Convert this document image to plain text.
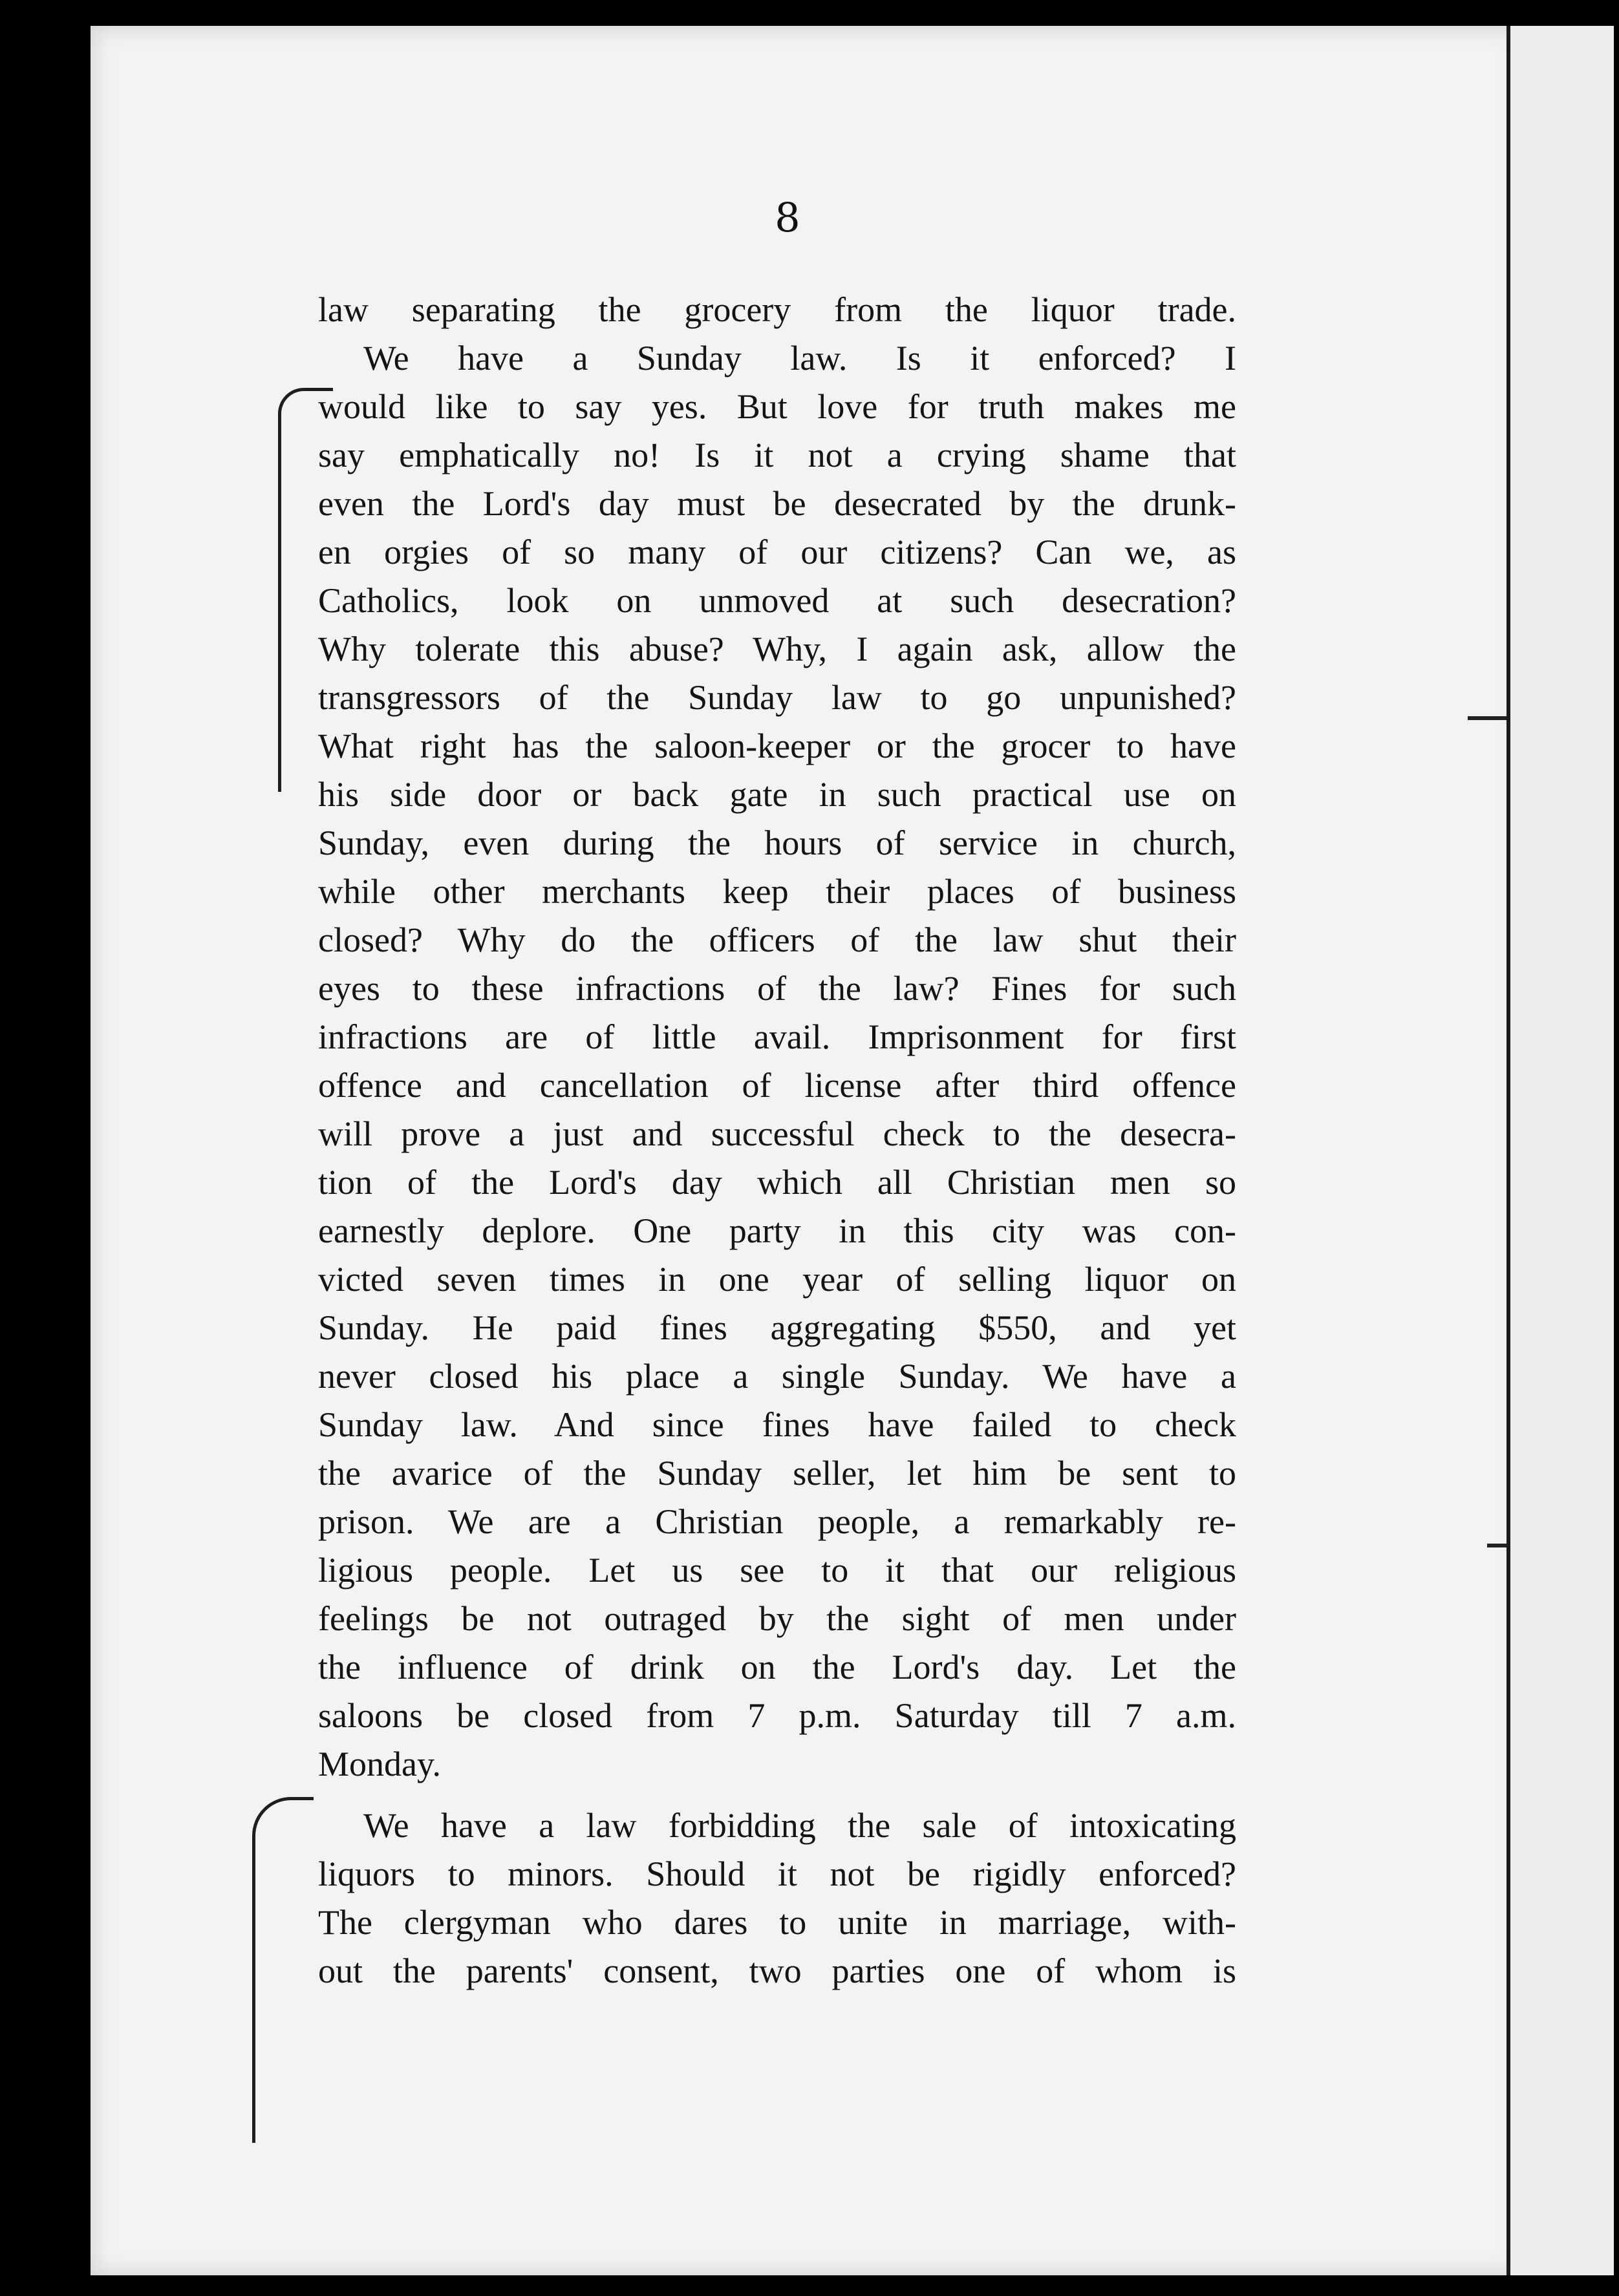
8
law separating the grocery from the liquor trade.
We have a Sunday law. Is it enforced? I
would like to say yes. But love for truth makes me
say emphatically no! Is it not a crying shame that
even the Lord's day must be desecrated by the drunk-
en orgies of so many of our citizens? Can we, as
Catholics, look on unmoved at such desecration?
Why tolerate this abuse? Why, I again ask, allow the
transgressors of the Sunday law to go unpunished?
What right has the saloon-keeper or the grocer to have
his side door or back gate in such practical use on
Sunday, even during the hours of service in church,
while other merchants keep their places of business
closed? Why do the officers of the law shut their
eyes to these infractions of the law? Fines for such
infractions are of little avail. Imprisonment for first
offence and cancellation of license after third offence
will prove a just and successful check to the desecra-
tion of the Lord's day which all Christian men so
earnestly deplore. One party in this city was con-
victed seven times in one year of selling liquor on
Sunday. He paid fines aggregating $550, and yet
never closed his place a single Sunday. We have a
Sunday law. And since fines have failed to check
the avarice of the Sunday seller, let him be sent to
prison. We are a Christian people, a remarkably re-
ligious people. Let us see to it that our religious
feelings be not outraged by the sight of men under
the influence of drink on the Lord's day. Let the
saloons be closed from 7 p.m. Saturday till 7 a.m.
Monday.
We have a law forbidding the sale of intoxicating
liquors to minors. Should it not be rigidly enforced?
The clergyman who dares to unite in marriage, with-
out the parents' consent, two parties one of whom is
